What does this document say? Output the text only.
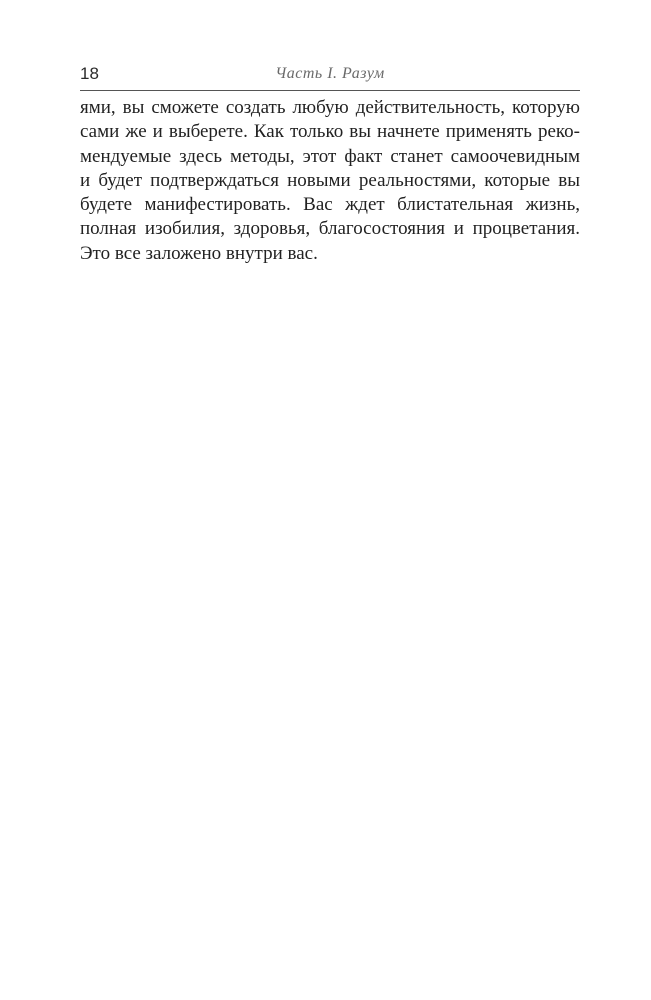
18	Часть I. Разум
ями, вы сможете создать любую действительность, которую
сами же и выберете. Как только вы начнете применять реко-
мендуемые здесь методы, этот факт станет самоочевидным
и будет подтверждаться новыми реальностями, которые вы
будете манифестировать. Вас ждет блистательная жизнь,
полная изобилия, здоровья, благосостояния и процветания.
Это все заложено внутри вас.
